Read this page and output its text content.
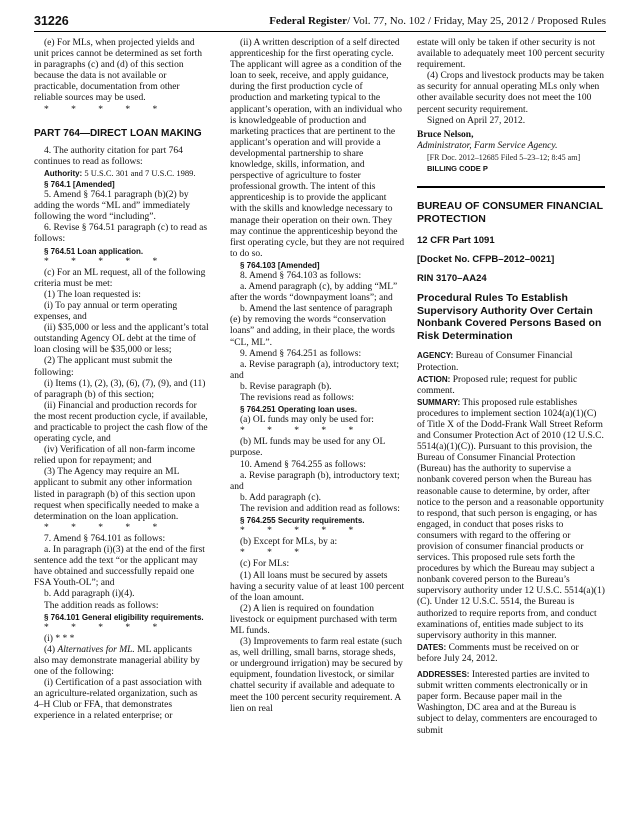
31226	Federal Register/ Vol. 77, No. 102 / Friday, May 25, 2012 / Proposed Rules

(e) For MLs, when projected yields and unit prices cannot be determined as set forth in paragraphs (c) and (d) of this section because the data is not available or practicable, documentation from other reliable sources may be used.

* * * * *

PART 764—DIRECT LOAN MAKING

4. The authority citation for part 764 continues to read as follows:

Authority: 5 U.S.C. 301 and 7 U.S.C. 1989.

§ 764.1 [Amended]

5. Amend § 764.1 paragraph (b)(2) by adding the words “ML and” immediately following the word “including”.

6. Revise § 764.51 paragraph (c) to read as follows:

§ 764.51 Loan application.

* * * * *

(c) For an ML request, all of the following criteria must be met:

(1) The loan requested is:

(i) To pay annual or term operating expenses, and

(ii) $35,000 or less and the applicant’s total outstanding Agency OL debt at the time of loan closing will be $35,000 or less;

(2) The applicant must submit the following:

(i) Items (1), (2), (3), (6), (7), (9), and (11) of paragraph (b) of this section;

(ii) Financial and production records for the most recent production cycle, if available, and practicable to project the cash flow of the operating cycle, and

(iv) Verification of all non-farm income relied upon for repayment; and

(3) The Agency may require an ML applicant to submit any other information listed in paragraph (b) of this section upon request when specifically needed to make a determination on the loan application.

* * * * *

7. Amend § 764.101 as follows:

a. In paragraph (i)(3) at the end of the first sentence add the text “or the applicant may have obtained and successfully repaid one FSA Youth-OL”; and

b. Add paragraph (i)(4).

The addition reads as follows:

§ 764.101 General eligibility requirements.

* * * * *

(i) * * *

(4) Alternatives for ML. ML applicants also may demonstrate managerial ability by one of the following:

(i) Certification of a past association with an agriculture-related organization, such as 4–H Club or FFA, that demonstrates experience in a related enterprise; or

(ii) A written description of a self directed apprenticeship for the first operating cycle. The applicant will agree as a condition of the loan to seek, receive, and apply guidance, during the first production cycle of production and marketing typical to the applicant’s operation, with an individual who is knowledgeable of production and marketing practices that are pertinent to the applicant’s operation and will provide a developmental partnership to share knowledge, skills, information, and perspective of agriculture to foster professional growth. The intent of this apprenticeship is to provide the applicant with the skills and knowledge necessary to manage their operation on their own. They may continue the apprenticeship beyond the first operating cycle, but they are not required to do so.

§ 764.103 [Amended]

8. Amend § 764.103 as follows:

a. Amend paragraph (c), by adding “ML” after the words “downpayment loans”; and

b. Amend the last sentence of paragraph (e) by removing the words “conservation loans” and adding, in their place, the words “CL, ML”.

9. Amend § 764.251 as follows:

a. Revise paragraph (a), introductory text; and

b. Revise paragraph (b).

The revisions read as follows:

§ 764.251 Operating loan uses.

(a) OL funds may only be used for:

* * * * *

(b) ML funds may be used for any OL purpose.

10. Amend § 764.255 as follows:

a. Revise paragraph (b), introductory text; and

b. Add paragraph (c).

The revision and addition read as follows:

§ 764.255 Security requirements.

* * * * *

(b) Except for MLs, by a:

* * *

(c) For MLs:

(1) All loans must be secured by assets having a security value of at least 100 percent of the loan amount.

(2) A lien is required on foundation livestock or equipment purchased with term ML funds.

(3) Improvements to farm real estate (such as, well drilling, small barns, storage sheds, or underground irrigation) may be secured by equipment, foundation livestock, or similar chattel security if available and adequate to meet the 100 percent security requirement. A lien on real

estate will only be taken if other security is not available to adequately meet 100 percent security requirement.

(4) Crops and livestock products may be taken as security for annual operating MLs only when other available security does not meet the 100 percent security requirement.

Signed on April 27, 2012.

Bruce Nelson,

Administrator, Farm Service Agency.

[FR Doc. 2012–12685 Filed 5–23–12; 8:45 am]

BILLING CODE P

BUREAU OF CONSUMER FINANCIAL PROTECTION
12 CFR Part 1091
[Docket No. CFPB–2012–0021]
RIN 3170–AA24
Procedural Rules To Establish Supervisory Authority Over Certain Nonbank Covered Persons Based on Risk Determination

AGENCY: Bureau of Consumer Financial Protection.

ACTION: Proposed rule; request for public comment.

SUMMARY: This proposed rule establishes procedures to implement section 1024(a)(1)(C) of Title X of the Dodd-Frank Wall Street Reform and Consumer Protection Act of 2010 (12 U.S.C. 5514(a)(1)(C)). Pursuant to this provision, the Bureau of Consumer Financial Protection (Bureau) has the authority to supervise a nonbank covered person when the Bureau has reasonable cause to determine, by order, after notice to the person and a reasonable opportunity to respond, that such person is engaging, or has engaged, in conduct that poses risks to consumers with regard to the offering or provision of consumer financial products or services. This proposed rule sets forth the procedures by which the Bureau may subject a nonbank covered person to the Bureau’s supervisory authority under 12 U.S.C. 5514(a)(1)(C). Under 12 U.S.C. 5514, the Bureau is authorized to require reports from, and conduct examinations of, entities made subject to its supervisory authority in this manner.

DATES: Comments must be received on or before July 24, 2012.

ADDRESSES: Interested parties are invited to submit written comments electronically or in paper form. Because paper mail in the Washington, DC area and at the Bureau is subject to delay, commenters are encouraged to submit
